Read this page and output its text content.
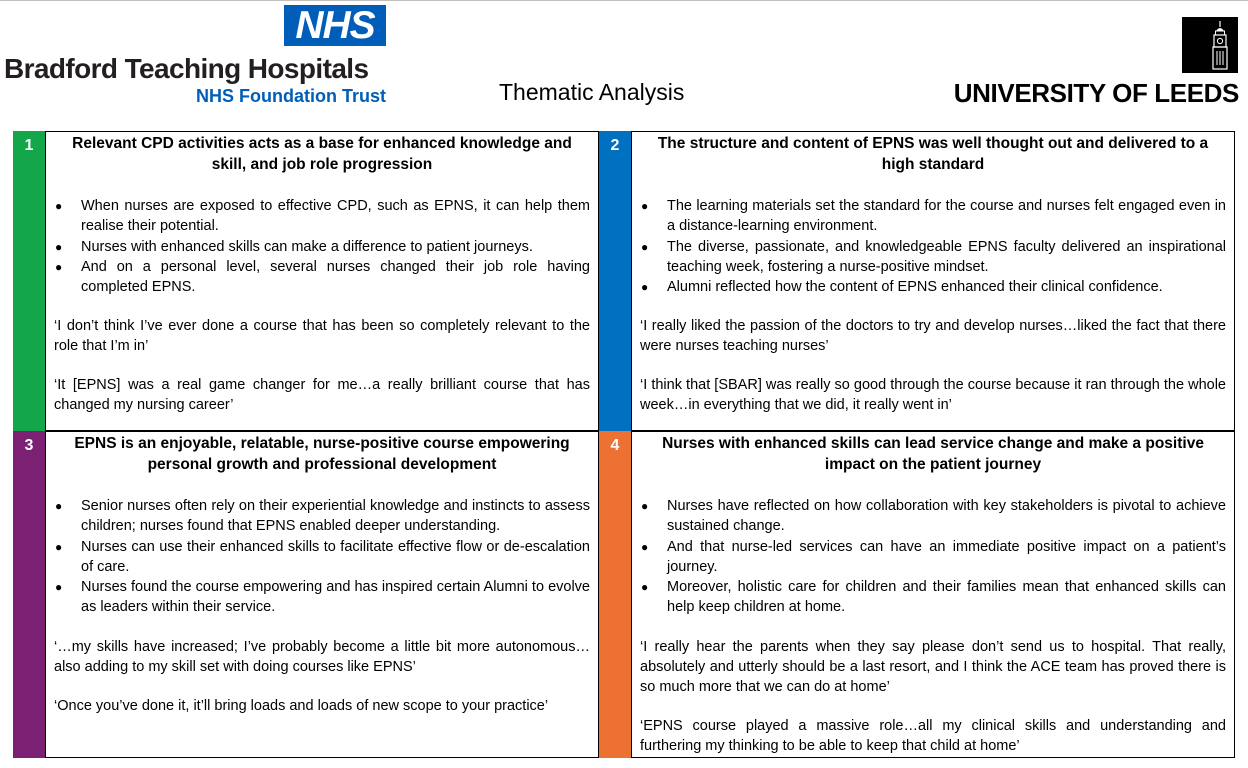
NHS
Bradford Teaching Hospitals
NHS Foundation Trust	Thematic Analysis	UNIVERSITY OF LEEDS
1	Relevant CPD activities acts as a base for enhanced knowledge and skill, and job role progression

● When nurses are exposed to effective CPD, such as EPNS, it can help them realise their potential.
● Nurses with enhanced skills can make a difference to patient journeys.
● And on a personal level, several nurses changed their job role having completed EPNS.

‘I don’t think I’ve ever done a course that has been so completely relevant to the role that I’m in’

‘It [EPNS] was a real game changer for me…a really brilliant course that has changed my nursing career’

2	The structure and content of EPNS was well thought out and delivered to a high standard

● The learning materials set the standard for the course and nurses felt engaged even in a distance-learning environment.
● The diverse, passionate, and knowledgeable EPNS faculty delivered an inspirational teaching week, fostering a nurse-positive mindset.
● Alumni reflected how the content of EPNS enhanced their clinical confidence.

‘I really liked the passion of the doctors to try and develop nurses…liked the fact that there were nurses teaching nurses’

‘I think that [SBAR] was really so good through the course because it ran through the whole week…in everything that we did, it really went in’

3	EPNS is an enjoyable, relatable, nurse-positive course empowering personal growth and professional development

● Senior nurses often rely on their experiential knowledge and instincts to assess children; nurses found that EPNS enabled deeper understanding.
● Nurses can use their enhanced skills to facilitate effective flow or de-escalation of care.
● Nurses found the course empowering and has inspired certain Alumni to evolve as leaders within their service.

‘…my skills have increased; I’ve probably become a little bit more autonomous…also adding to my skill set with doing courses like EPNS’

‘Once you’ve done it, it’ll bring loads and loads of new scope to your practice’

4	Nurses with enhanced skills can lead service change and make a positive impact on the patient journey

● Nurses have reflected on how collaboration with key stakeholders is pivotal to achieve sustained change.
● And that nurse-led services can have an immediate positive impact on a patient’s journey.
● Moreover, holistic care for children and their families mean that enhanced skills can help keep children at home.

‘I really hear the parents when they say please don’t send us to hospital. That really, absolutely and utterly should be a last resort, and I think the ACE team has proved there is so much more that we can do at home’

‘EPNS course played a massive role…all my clinical skills and understanding and furthering my thinking to be able to keep that child at home’
